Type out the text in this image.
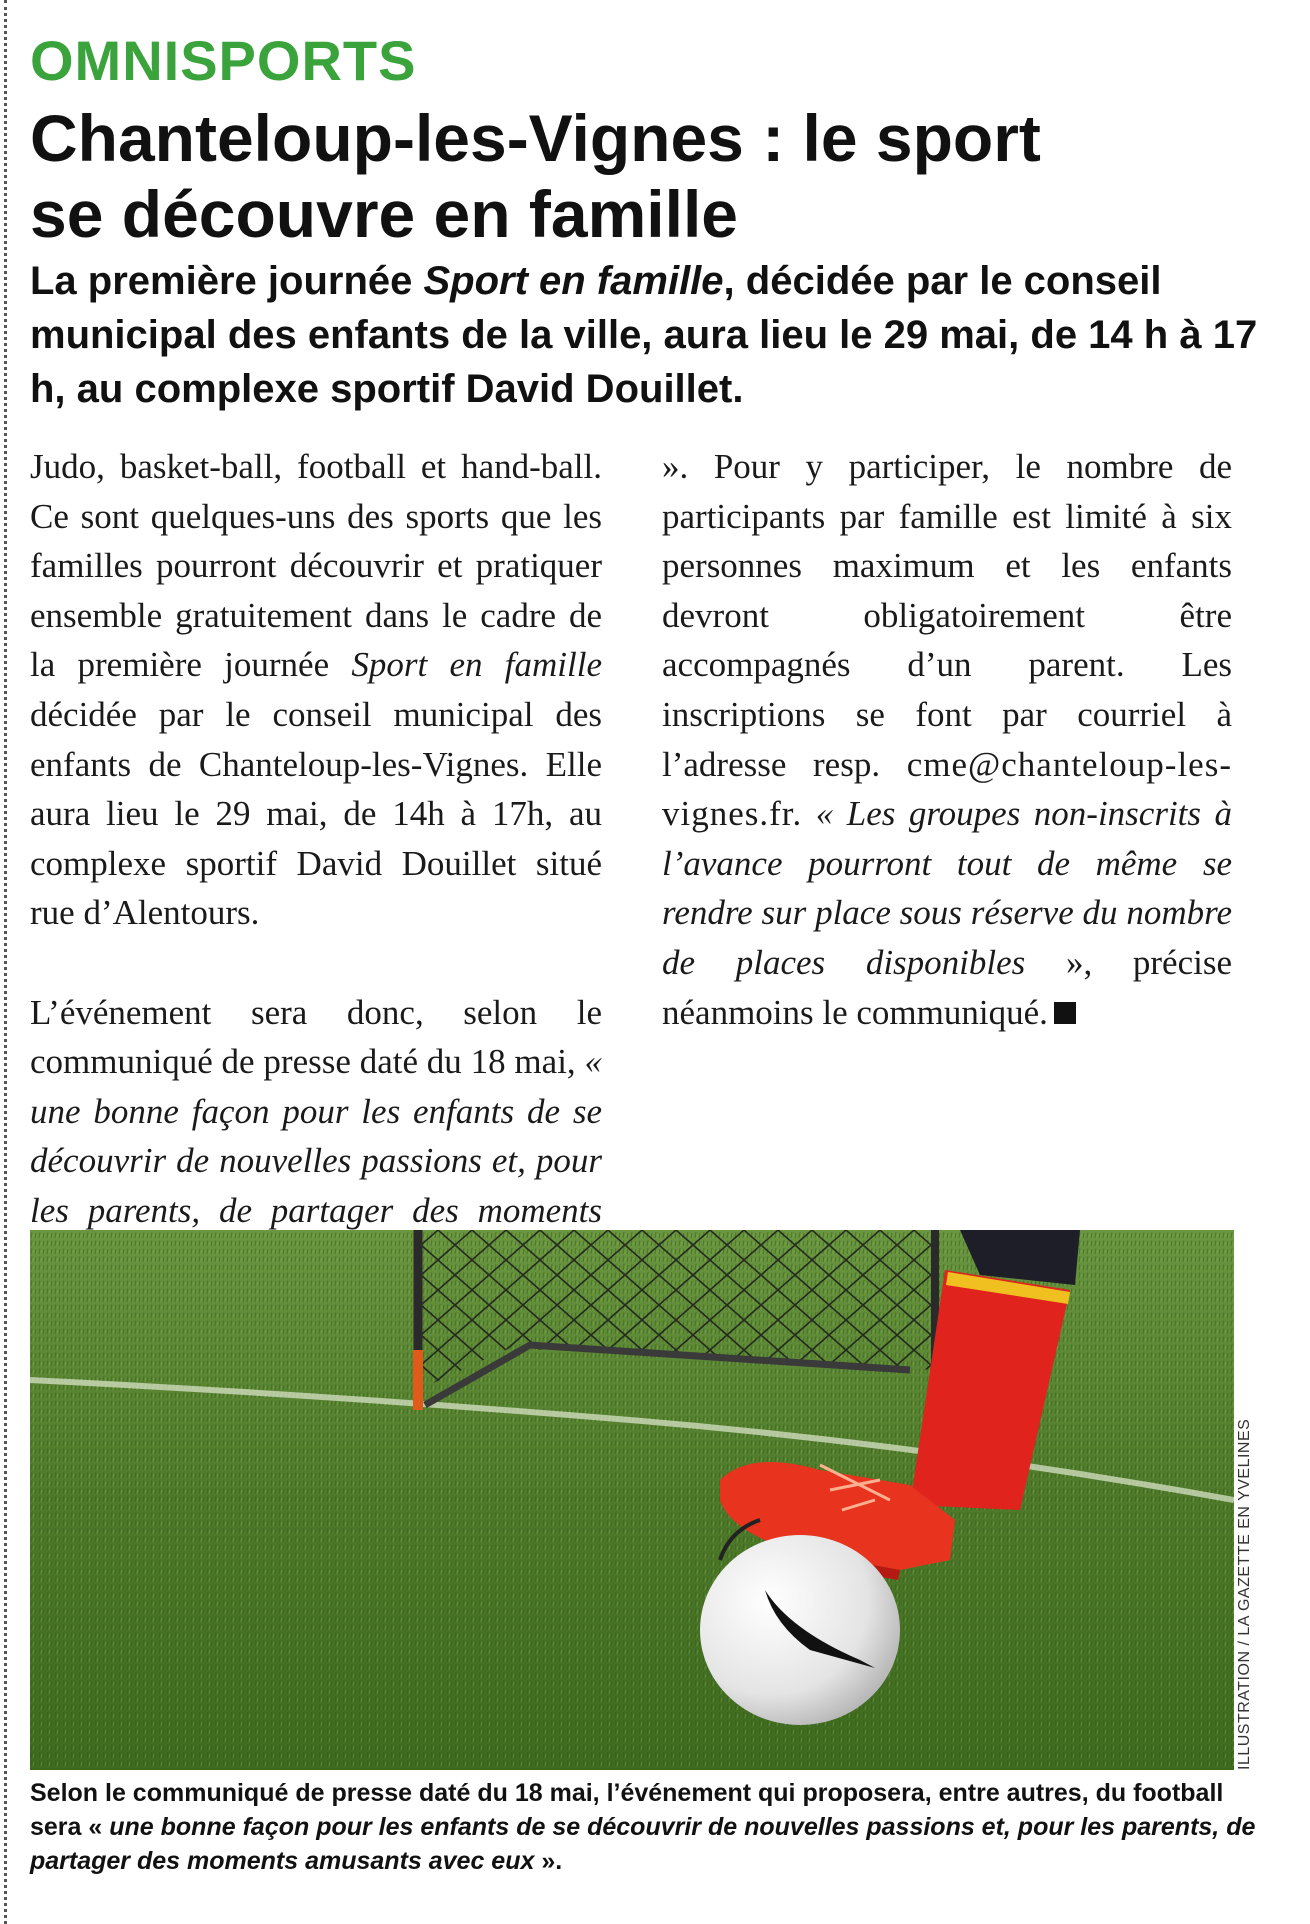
OMNISPORTS
Chanteloup-les-Vignes : le sport
se découvre en famille
La première journée Sport en famille, décidée par le conseil municipal des enfants de la ville, aura lieu le 29 mai, de 14 h à 17 h, au complexe sportif David Douillet.

Judo, basket-ball, football et hand-ball. Ce sont quelques-uns des sports que les familles pourront découvrir et pratiquer ensemble gratuitement dans le cadre de la première journée Sport en famille décidée par le conseil municipal des enfants de Chanteloup-les-Vignes. Elle aura lieu le 29 mai, de 14h à 17h, au complexe sportif David Douillet situé rue d’Alentours.

L’événement sera donc, selon le communiqué de presse daté du 18 mai, « une bonne façon pour les enfants de se découvrir de nouvelles passions et, pour les parents, de partager des moments

». Pour y participer, le nombre de participants par famille est limité à six personnes maximum et les enfants devront obligatoirement être accompagnés d’un parent. Les inscriptions se font par courriel à l’adresse resp. cme@chanteloup-les-vignes.fr. « Les groupes non-inscrits à l’avance pourront tout de même se rendre sur place sous réserve du nombre de places disponibles », précise néanmoins le communiqué.

ILLUSTRATION / LA GAZETTE EN YVELINES
Selon le communiqué de presse daté du 18 mai, l’événement qui proposera, entre autres, du football sera « une bonne façon pour les enfants de se découvrir de nouvelles passions et, pour les parents, de partager des moments amusants avec eux ».
